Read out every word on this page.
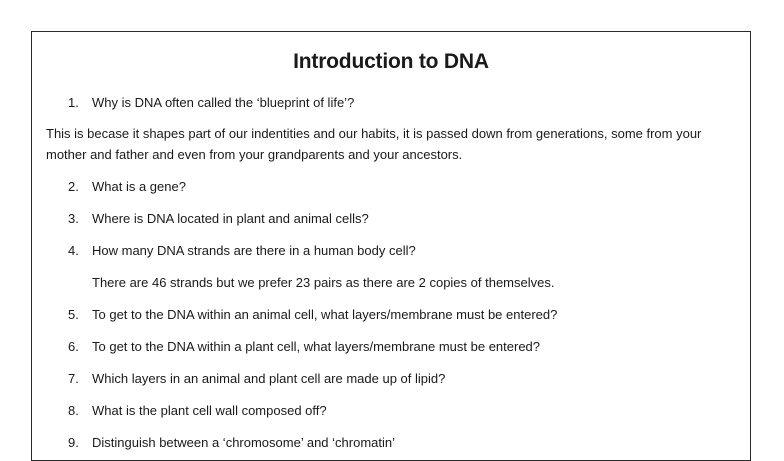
Introduction to DNA
1. Why is DNA often called the ‘blueprint of life’?
This is becase it shapes part of our indentities and our habits, it is passed down from generations, some from your mother and father and even from your grandparents and your ancestors.
2. What is a gene?
3. Where is DNA located in plant and animal cells?
4. How many DNA strands are there in a human body cell?
There are 46 strands but we prefer 23 pairs as there are 2 copies of themselves.
5. To get to the DNA within an animal cell, what layers/membrane must be entered?
6. To get to the DNA within a plant cell, what layers/membrane must be entered?
7. Which layers in an animal and plant cell are made up of lipid?
8. What is the plant cell wall composed off?
9. Distinguish between a ‘chromosome’ and ‘chromatin’
